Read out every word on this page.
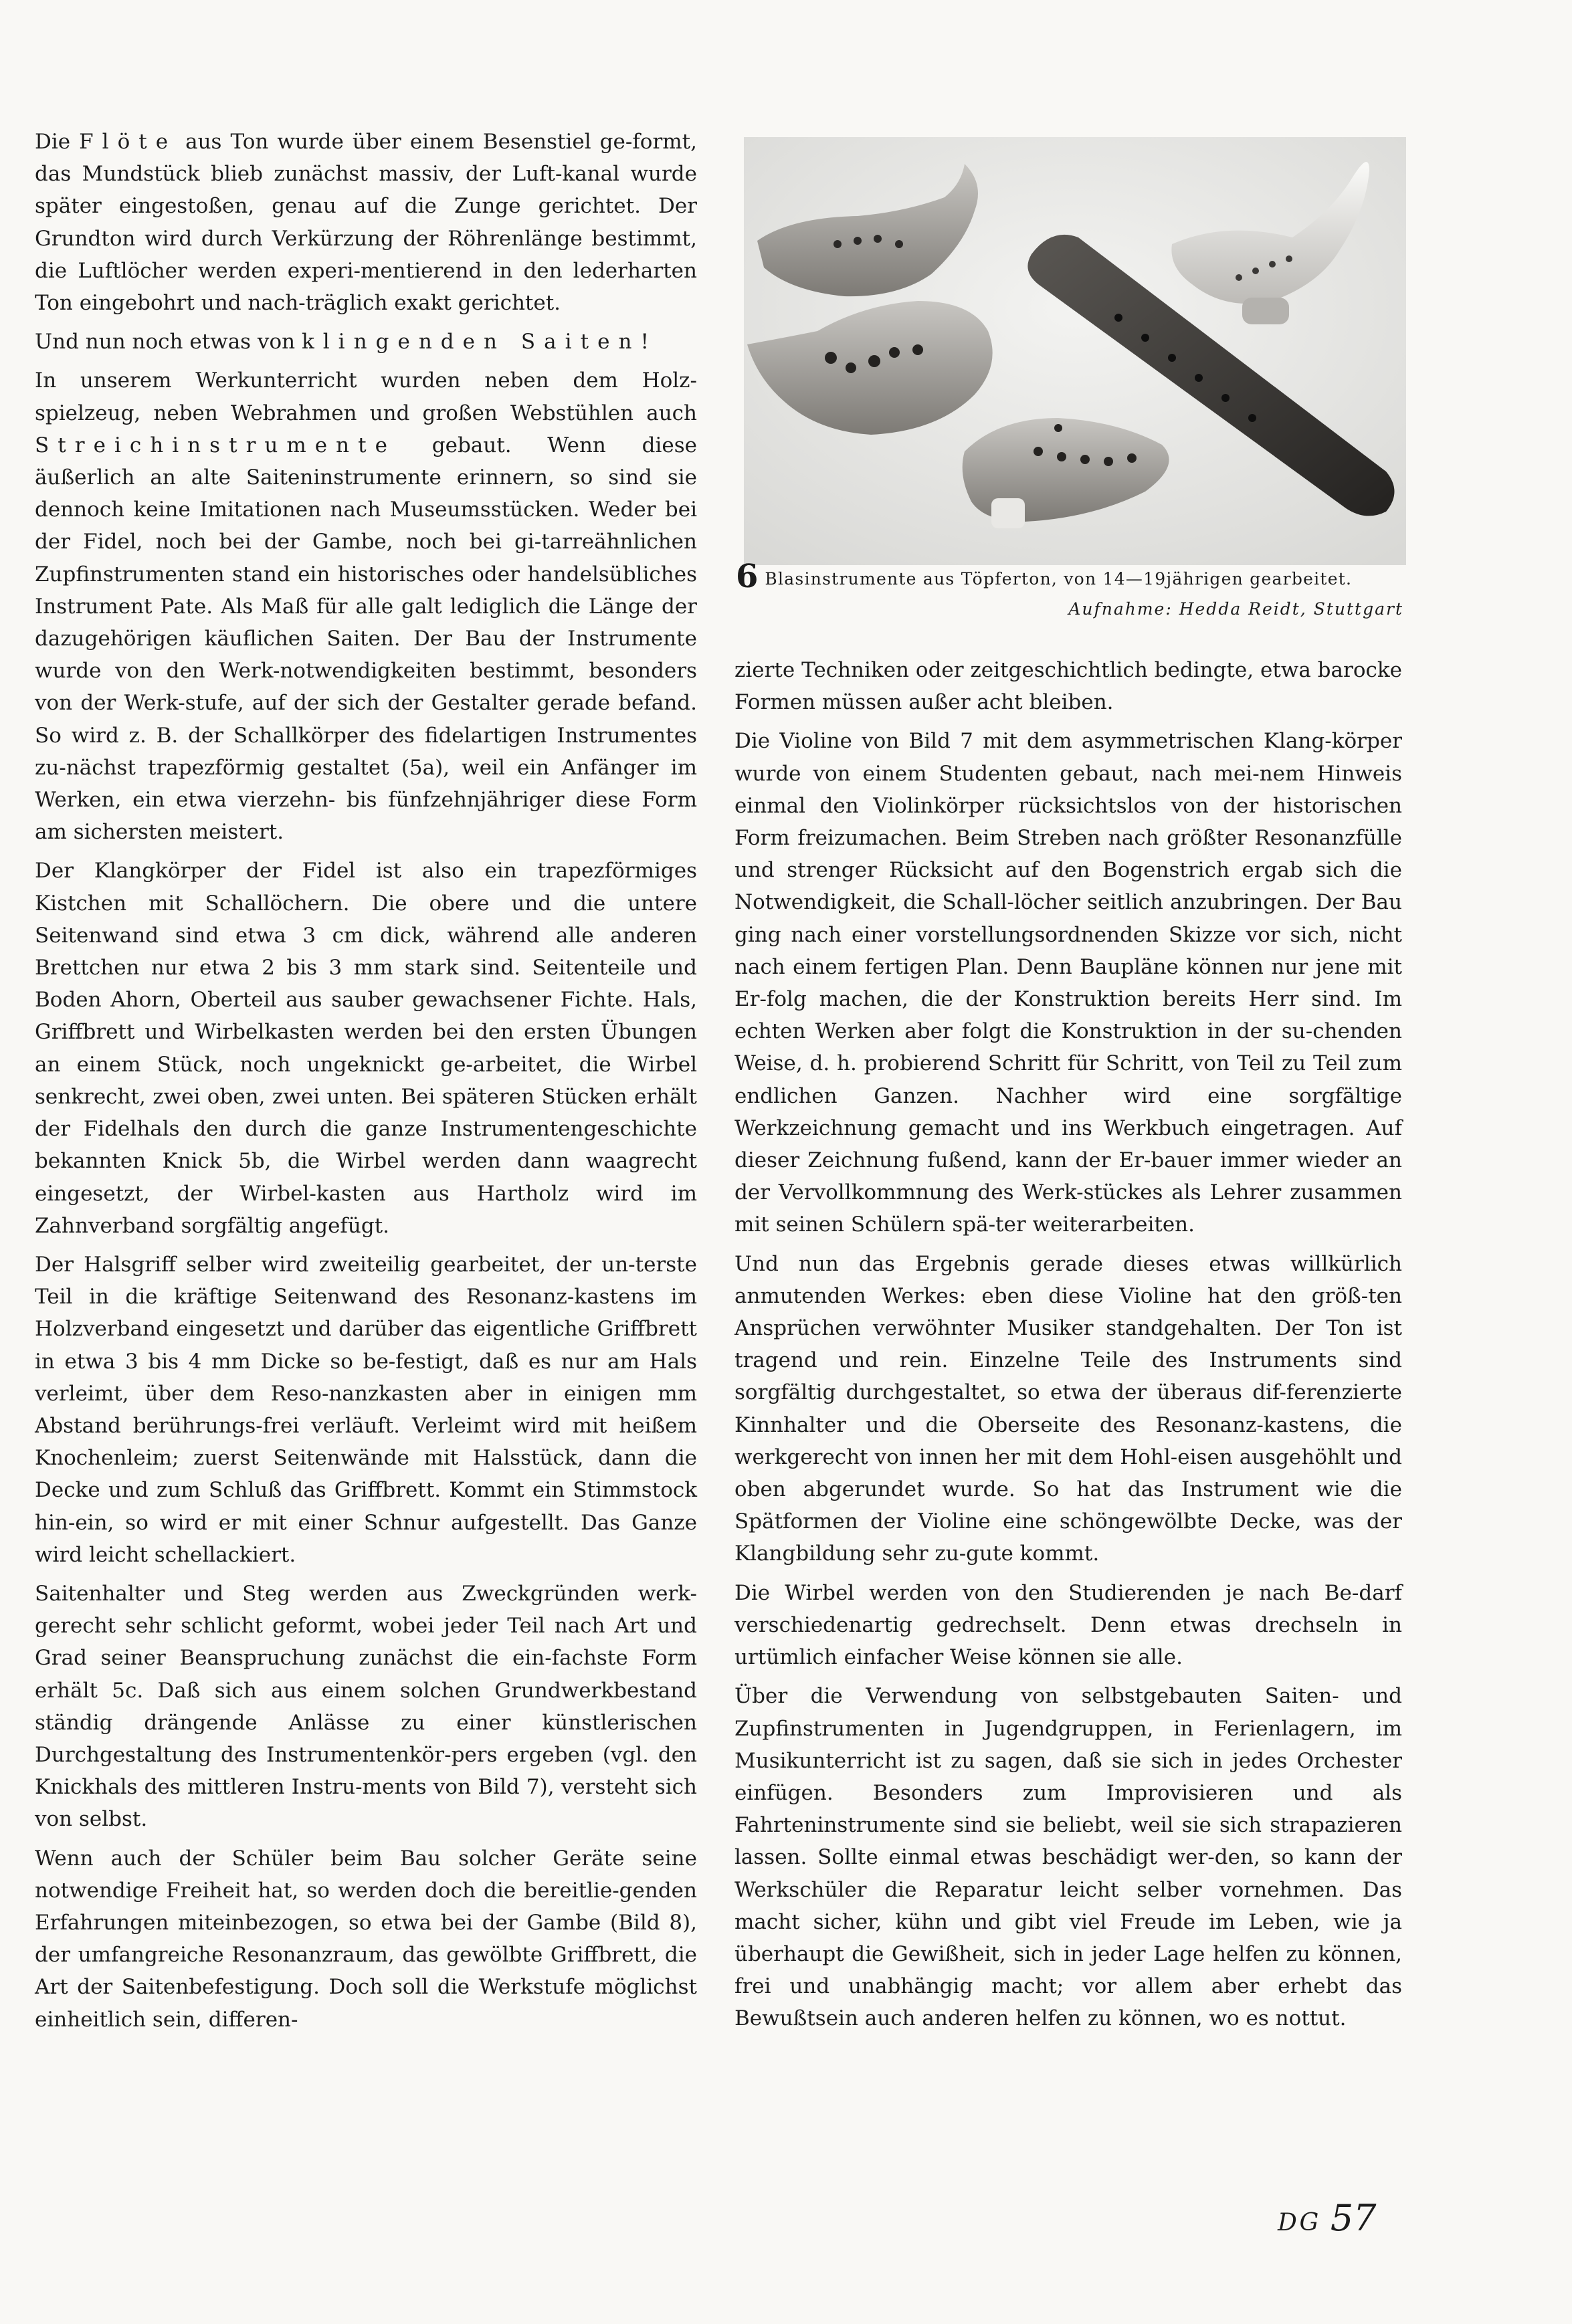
Die Flöte aus Ton wurde über einem Besenstiel ge-formt, das Mundstück blieb zunächst massiv, der Luft-kanal wurde später eingestoßen, genau auf die Zunge gerichtet. Der Grundton wird durch Verkürzung der Röhrenlänge bestimmt, die Luftlöcher werden experi-mentierend in den lederharten Ton eingebohrt und nach-träglich exakt gerichtet.

Und nun noch etwas von klingenden Saiten!

In unserem Werkunterricht wurden neben dem Holz-spielzeug, neben Webrahmen und großen Webstühlen auch Streichinstrumente gebaut. Wenn diese äußerlich an alte Saiteninstrumente erinnern, so sind sie dennoch keine Imitationen nach Museumsstücken. Weder bei der Fidel, noch bei der Gambe, noch bei gi-tarreähnlichen Zupfinstrumenten stand ein historisches oder handelsübliches Instrument Pate. Als Maß für alle galt lediglich die Länge der dazugehörigen käuflichen Saiten. Der Bau der Instrumente wurde von den Werk-notwendigkeiten bestimmt, besonders von der Werk-stufe, auf der sich der Gestalter gerade befand. So wird z. B. der Schallkörper des fidelartigen Instrumentes zu-nächst trapezförmig gestaltet (5a), weil ein Anfänger im Werken, ein etwa vierzehn- bis fünfzehnjähriger diese Form am sichersten meistert.

Der Klangkörper der Fidel ist also ein trapezförmiges Kistchen mit Schallöchern. Die obere und die untere Seitenwand sind etwa 3 cm dick, während alle anderen Brettchen nur etwa 2 bis 3 mm stark sind. Seitenteile und Boden Ahorn, Oberteil aus sauber gewachsener Fichte. Hals, Griffbrett und Wirbelkasten werden bei den ersten Übungen an einem Stück, noch ungeknickt ge-arbeitet, die Wirbel senkrecht, zwei oben, zwei unten. Bei späteren Stücken erhält der Fidelhals den durch die ganze Instrumentengeschichte bekannten Knick 5b, die Wirbel werden dann waagrecht eingesetzt, der Wirbel-kasten aus Hartholz wird im Zahnverband sorgfältig angefügt.

Der Halsgriff selber wird zweiteilig gearbeitet, der un-terste Teil in die kräftige Seitenwand des Resonanz-kastens im Holzverband eingesetzt und darüber das eigentliche Griffbrett in etwa 3 bis 4 mm Dicke so be-festigt, daß es nur am Hals verleimt, über dem Reso-nanzkasten aber in einigen mm Abstand berührungs-frei verläuft. Verleimt wird mit heißem Knochenleim; zuerst Seitenwände mit Halsstück, dann die Decke und zum Schluß das Griffbrett. Kommt ein Stimmstock hin-ein, so wird er mit einer Schnur aufgestellt. Das Ganze wird leicht schellackiert.

Saitenhalter und Steg werden aus Zweckgründen werk-gerecht sehr schlicht geformt, wobei jeder Teil nach Art und Grad seiner Beanspruchung zunächst die ein-fachste Form erhält 5c. Daß sich aus einem solchen Grundwerkbestand ständig drängende Anlässe zu einer künstlerischen Durchgestaltung des Instrumentenkör-pers ergeben (vgl. den Knickhals des mittleren Instru-ments von Bild 7), versteht sich von selbst.

Wenn auch der Schüler beim Bau solcher Geräte seine notwendige Freiheit hat, so werden doch die bereitlie-genden Erfahrungen miteinbezogen, so etwa bei der Gambe (Bild 8), der umfangreiche Resonanzraum, das gewölbte Griffbrett, die Art der Saitenbefestigung. Doch soll die Werkstufe möglichst einheitlich sein, differen-

6 Blasinstrumente aus Töpferton, von 14—19jährigen gearbeitet.
Aufnahme: Hedda Reidt, Stuttgart

zierte Techniken oder zeitgeschichtlich bedingte, etwa barocke Formen müssen außer acht bleiben.

Die Violine von Bild 7 mit dem asymmetrischen Klang-körper wurde von einem Studenten gebaut, nach mei-nem Hinweis einmal den Violinkörper rücksichtslos von der historischen Form freizumachen. Beim Streben nach größter Resonanzfülle und strenger Rücksicht auf den Bogenstrich ergab sich die Notwendigkeit, die Schall-löcher seitlich anzubringen. Der Bau ging nach einer vorstellungsordnenden Skizze vor sich, nicht nach einem fertigen Plan. Denn Baupläne können nur jene mit Er-folg machen, die der Konstruktion bereits Herr sind. Im echten Werken aber folgt die Konstruktion in der su-chenden Weise, d. h. probierend Schritt für Schritt, von Teil zu Teil zum endlichen Ganzen. Nachher wird eine sorgfältige Werkzeichnung gemacht und ins Werkbuch eingetragen. Auf dieser Zeichnung fußend, kann der Er-bauer immer wieder an der Vervollkommnung des Werk-stückes als Lehrer zusammen mit seinen Schülern spä-ter weiterarbeiten.

Und nun das Ergebnis gerade dieses etwas willkürlich anmutenden Werkes: eben diese Violine hat den größ-ten Ansprüchen verwöhnter Musiker standgehalten. Der Ton ist tragend und rein. Einzelne Teile des Instruments sind sorgfältig durchgestaltet, so etwa der überaus dif-ferenzierte Kinnhalter und die Oberseite des Resonanz-kastens, die werkgerecht von innen her mit dem Hohl-eisen ausgehöhlt und oben abgerundet wurde. So hat das Instrument wie die Spätformen der Violine eine schöngewölbte Decke, was der Klangbildung sehr zu-gute kommt.

Die Wirbel werden von den Studierenden je nach Be-darf verschiedenartig gedrechselt. Denn etwas drechseln in urtümlich einfacher Weise können sie alle.

Über die Verwendung von selbstgebauten Saiten- und Zupfinstrumenten in Jugendgruppen, in Ferienlagern, im Musikunterricht ist zu sagen, daß sie sich in jedes Orchester einfügen. Besonders zum Improvisieren und als Fahrteninstrumente sind sie beliebt, weil sie sich strapazieren lassen. Sollte einmal etwas beschädigt wer-den, so kann der Werkschüler die Reparatur leicht selber vornehmen. Das macht sicher, kühn und gibt viel Freude im Leben, wie ja überhaupt die Gewißheit, sich in jeder Lage helfen zu können, frei und unabhängig macht; vor allem aber erhebt das Bewußtsein auch anderen helfen zu können, wo es nottut.

DG 57
